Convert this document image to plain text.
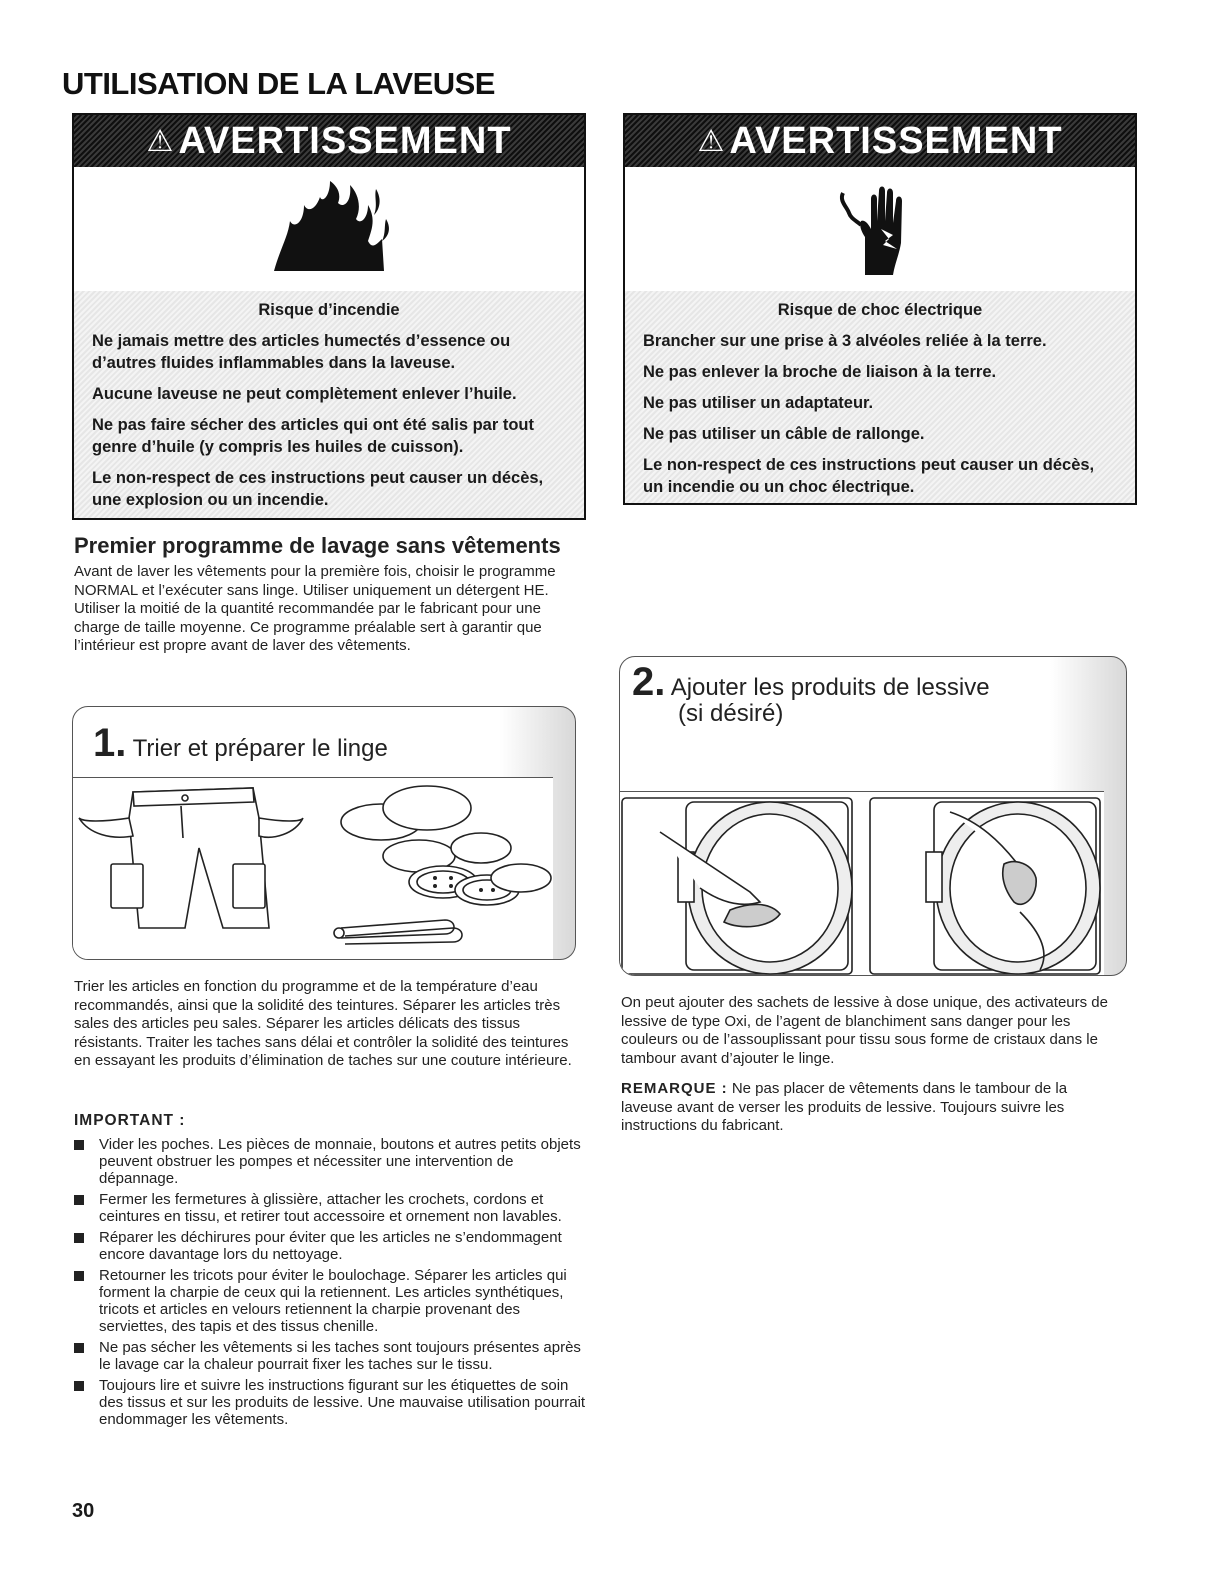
UTILISATION DE LA LAVEUSE
⚠ AVERTISSEMENT
Risque d’incendie

Ne jamais mettre des articles humectés d’essence ou d’autres fluides inflammables dans la laveuse.

Aucune laveuse ne peut complètement enlever l’huile.

Ne pas faire sécher des articles qui ont été salis par tout genre d’huile (y compris les huiles de cuisson).

Le non-respect de ces instructions peut causer un décès, une explosion ou un incendie.

⚠ AVERTISSEMENT
Risque de choc électrique

Brancher sur une prise à 3 alvéoles reliée à la terre.

Ne pas enlever la broche de liaison à la terre.

Ne pas utiliser un adaptateur.

Ne pas utiliser un câble de rallonge.

Le non-respect de ces instructions peut causer un décès, un incendie ou un choc électrique.

Premier programme de lavage sans vêtements
Avant de laver les vêtements pour la première fois, choisir le programme NORMAL et l’exécuter sans linge. Utiliser uniquement un détergent HE. Utiliser la moitié de la quantité recommandée par le fabricant pour une charge de taille moyenne. Ce programme préalable sert à garantir que l’intérieur est propre avant de laver des vêtements.
1. Trier et préparer le linge
Trier les articles en fonction du programme et de la température d’eau recommandés, ainsi que la solidité des teintures. Séparer les articles très sales des articles peu sales. Séparer les articles délicats des tissus résistants. Traiter les taches sans délai et contrôler la solidité des teintures en essayant les produits d’élimination de taches sur une couture intérieure.
IMPORTANT :
Vider les poches. Les pièces de monnaie, boutons et autres petits objets peuvent obstruer les pompes et nécessiter une intervention de dépannage.
Fermer les fermetures à glissière, attacher les crochets, cordons et ceintures en tissu, et retirer tout accessoire et ornement non lavables.
Réparer les déchirures pour éviter que les articles ne s’endommagent encore davantage lors du nettoyage.
Retourner les tricots pour éviter le boulochage. Séparer les articles qui forment la charpie de ceux qui la retiennent. Les articles synthétiques, tricots et articles en velours retiennent la charpie provenant des serviettes, des tapis et des tissus chenille.
Ne pas sécher les vêtements si les taches sont toujours présentes après le lavage car la chaleur pourrait fixer les taches sur le tissu.
Toujours lire et suivre les instructions figurant sur les étiquettes de soin des tissus et sur les produits de lessive. Une mauvaise utilisation pourrait endommager les vêtements.
2. Ajouter les produits de lessive
(si désiré)
On peut ajouter des sachets de lessive à dose unique, des activateurs de lessive de type Oxi, de l’agent de blanchiment sans danger pour les couleurs ou de l’assouplissant pour tissu sous forme de cristaux dans le tambour avant d’ajouter le linge.
REMARQUE : Ne pas placer de vêtements dans le tambour de la laveuse avant de verser les produits de lessive. Toujours suivre les instructions du fabricant.
30
